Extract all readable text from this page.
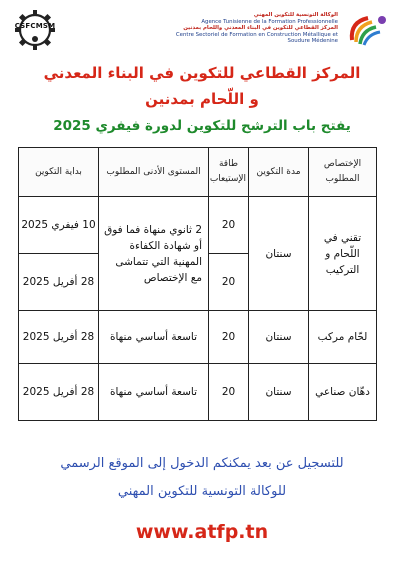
CSFCMSM
الوكالة التونسية للتكوين المهني
Agence Tunisienne de la Formation Professionnelle
المركز القطاعي للتكوين في البناء المعدني واللحام بمدنين
Centre Sectoriel de Formation en Construction Métallique et Soudure Médenine
المركز القطاعي للتكوين في البناء المعدني
و اللّحام بمدنين
يفتح باب الترشح للتكوين لدورة فيفري 2025
الإختصاص المطلوب	مدة التكوين	طاقة الإستيعاب	المستوى الأدنى المطلوب	بداية التكوين
تقني في اللّحام و التركيب	سنتان	20	2 ثانوي منهاة فما فوق أو شهادة الكفاءة المهنية التي تتماشى مع الإختصاص	10 فيفري 2025
		20		28 أفريل 2025
لحّام مركب	سنتان	20	تاسعة أساسي منهاة	28 أفريل 2025
دهّان صناعي	سنتان	20	تاسعة أساسي منهاة	28 أفريل 2025
للتسجيل عن بعد يمكنكم الدخول إلى الموقع الرسمي
للوكالة التونسية للتكوين المهني
www.atfp.tn
